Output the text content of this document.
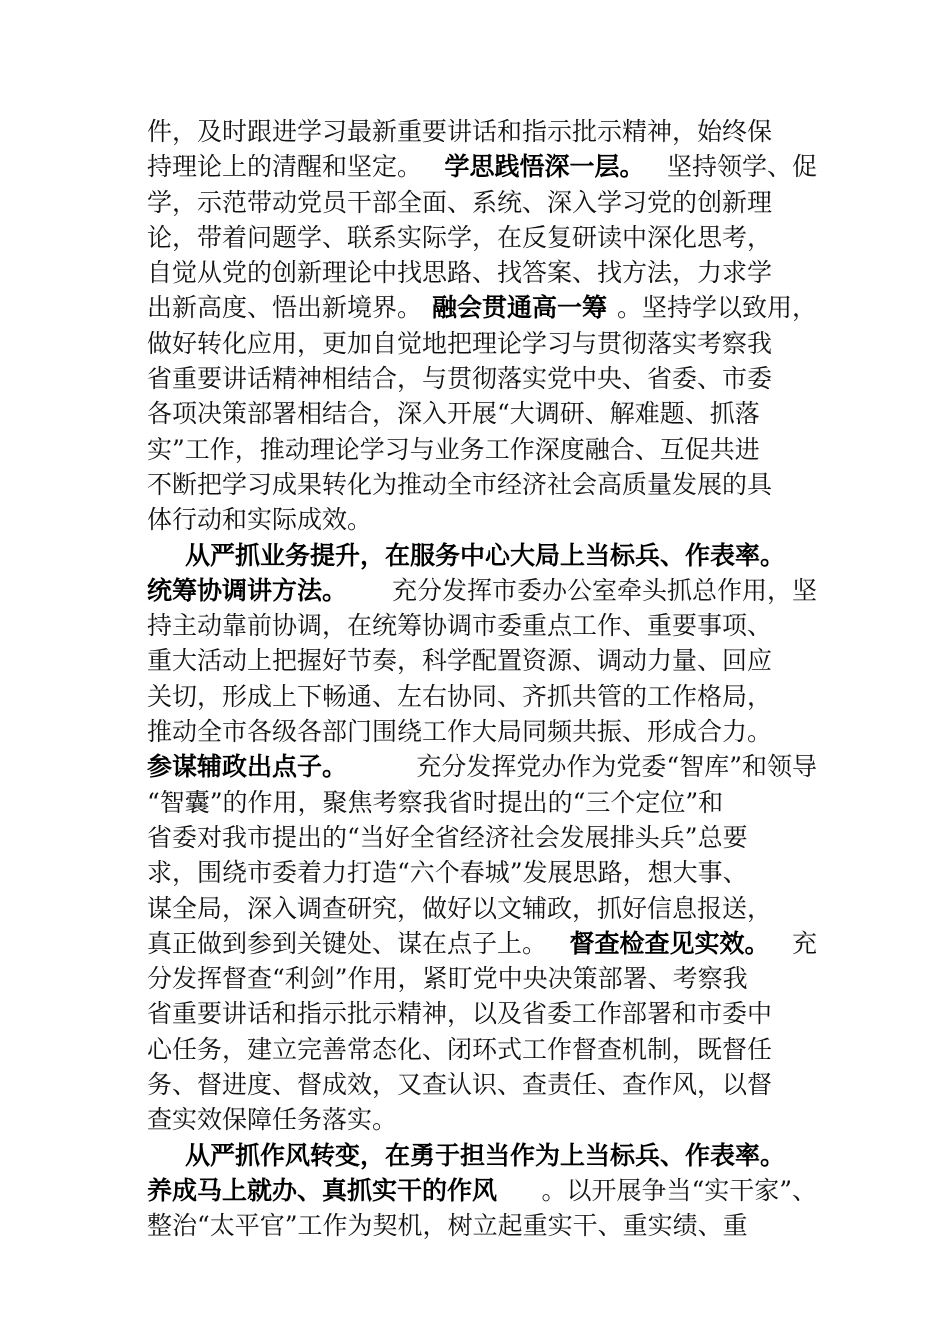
件，及时跟进学习最新重要讲话和指示批示精神，始终保
持理论上的清醒和坚定。 学思践悟深一层。 坚持领学、促
学，示范带动党员干部全面、系统、深入学习党的创新理
论，带着问题学、联系实际学，在反复研读中深化思考，
自觉从党的创新理论中找思路、找答案、找方法，力求学
出新高度、悟出新境界。 融会贯通高一筹 。坚持学以致用，
做好转化应用，更加自觉地把理论学习与贯彻落实考察我
省重要讲话精神相结合，与贯彻落实党中央、省委、市委
各项决策部署相结合，深入开展“大调研、解难题、抓落
实”工作，推动理论学习与业务工作深度融合、互促共进
不断把学习成果转化为推动全市经济社会高质量发展的具
体行动和实际成效。
从严抓业务提升，在服务中心大局上当标兵、作表率。
统筹协调讲方法。 充分发挥市委办公室牵头抓总作用，坚
持主动靠前协调，在统筹协调市委重点工作、重要事项、
重大活动上把握好节奏，科学配置资源、调动力量、回应
关切，形成上下畅通、左右协同、齐抓共管的工作格局，
推动全市各级各部门围绕工作大局同频共振、形成合力。
参谋辅政出点子。	充分发挥党办作为党委“智库”和领导
“智囊”的作用，聚焦考察我省时提出的“三个定位”和
省委对我市提出的“当好全省经济社会发展排头兵”总要
求，围绕市委着力打造“六个春城”发展思路，想大事、
谋全局，深入调查研究，做好以文辅政，抓好信息报送，
真正做到参到关键处、谋在点子上。 督查检查见实效。 充
分发挥督查“利剑”作用，紧盯党中央决策部署、考察我
省重要讲话和指示批示精神，以及省委工作部署和市委中
心任务，建立完善常态化、闭环式工作督查机制，既督任
务、督进度、督成效，又查认识、查责任、查作风，以督
查实效保障任务落实。
从严抓作风转变，在勇于担当作为上当标兵、作表率。
养成马上就办、真抓实干的作风 。以开展争当“实干家”、
整治“太平官”工作为契机，树立起重实干、重实绩、重
